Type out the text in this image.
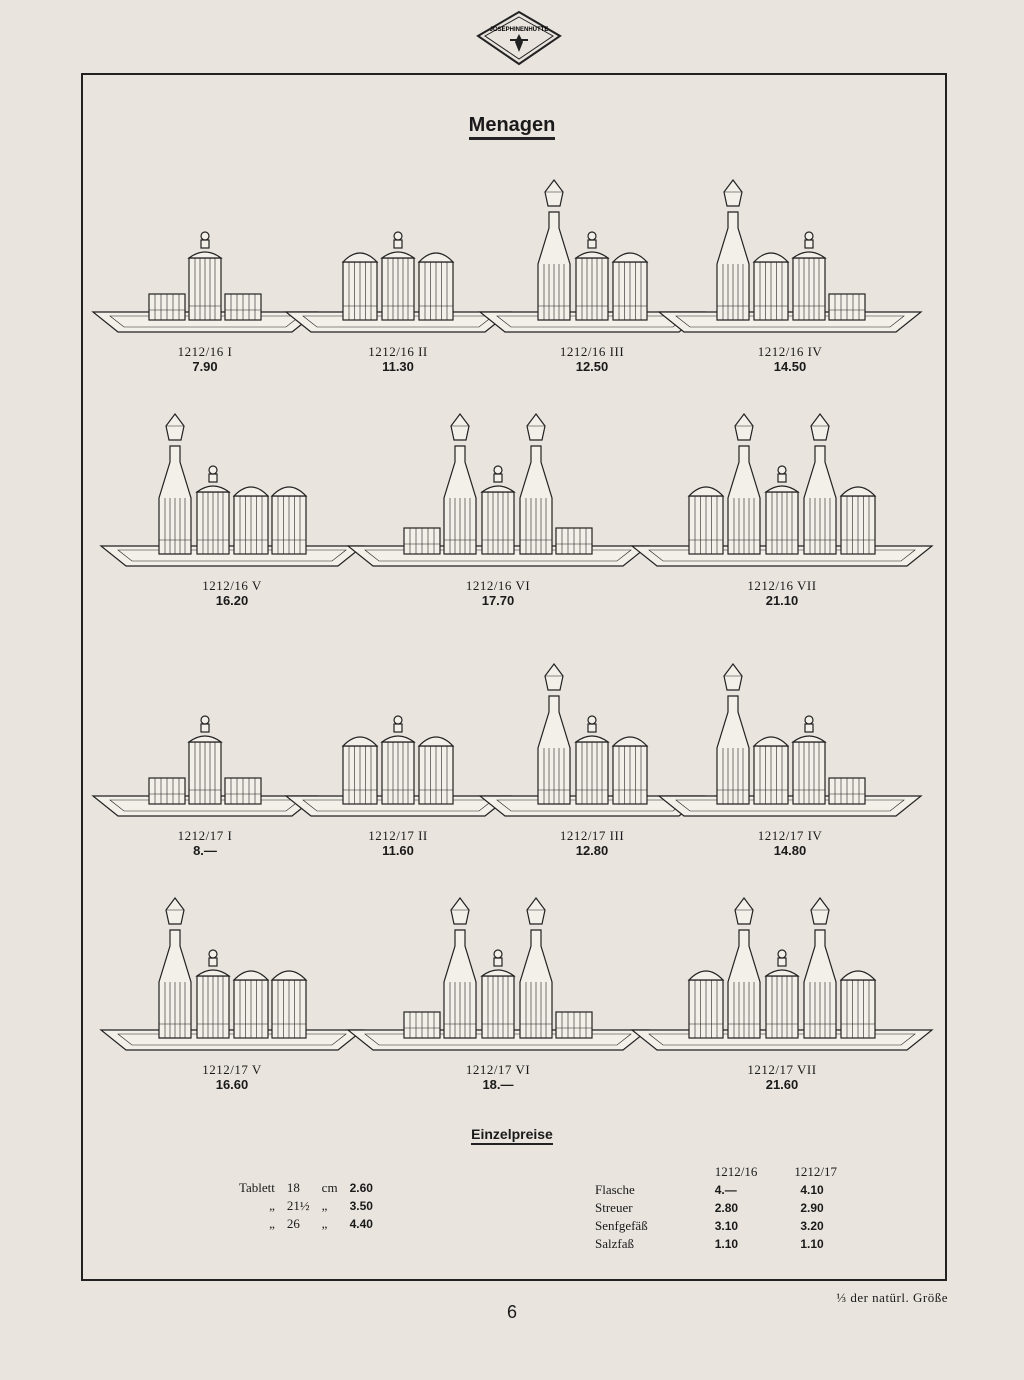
JOSEPHINENHÜTTE
Menagen
1212/16 I
7.90
1212/16 II
11.30
1212/16 III
12.50
1212/16 IV
14.50
1212/16 V
16.20
1212/16 VI
17.70
1212/16 VII
21.10
1212/17 I
8.—
1212/17 II
11.60
1212/17 III
12.80
1212/17 IV
14.80
1212/17 V
16.60
1212/17 VI
18.—
1212/17 VII
21.60
Einzelpreise
Tablett	18	cm	2.60
„	21½	„	3.50
„	26	„	4.40
	1212/16	1212/17
Flasche	4.—	4.10
Streuer	2.80	2.90
Senfgefäß	3.10	3.20
Salzfaß	1.10	1.10
6
⅓ der natürl. Größe
